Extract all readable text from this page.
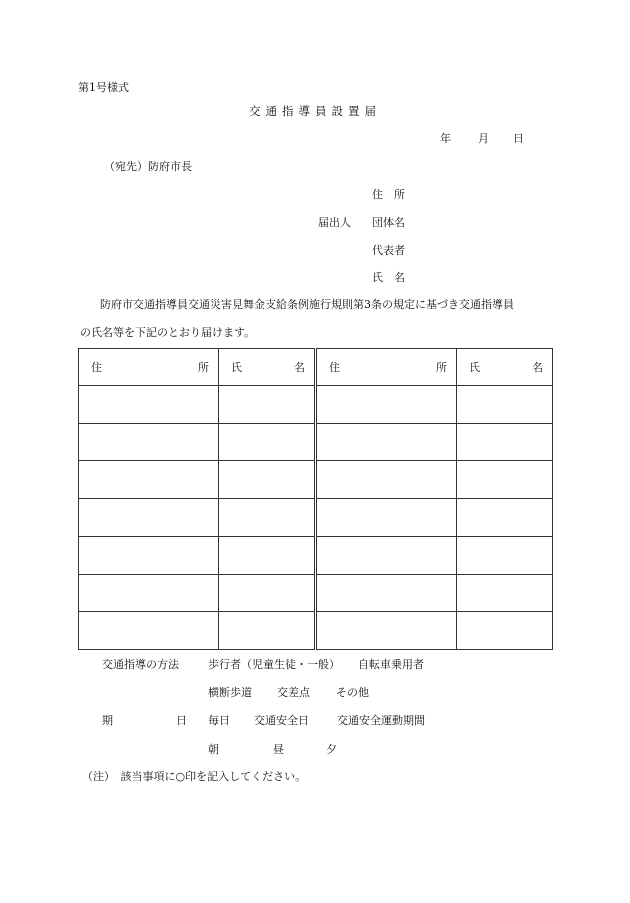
第1号様式
交通指導員設置届
年 月 日
（宛先）防府市長
届出人
住　所
団体名
代表者
氏　名
防府市交通指導員交通災害見舞金支給条例施行規則第3条の規定に基づき交通指導員
の氏名等を下記のとおり届けます。
住 所	氏 名	住 所	氏 名

交通指導の方法	歩行者（児童生徒・一般） 自転車乗用者
横断歩道 交差点 その他
期	日 毎日 交通安全日	交通安全運動期間
朝	昼	夕
（注）　該当事項に○印を記入してください。
